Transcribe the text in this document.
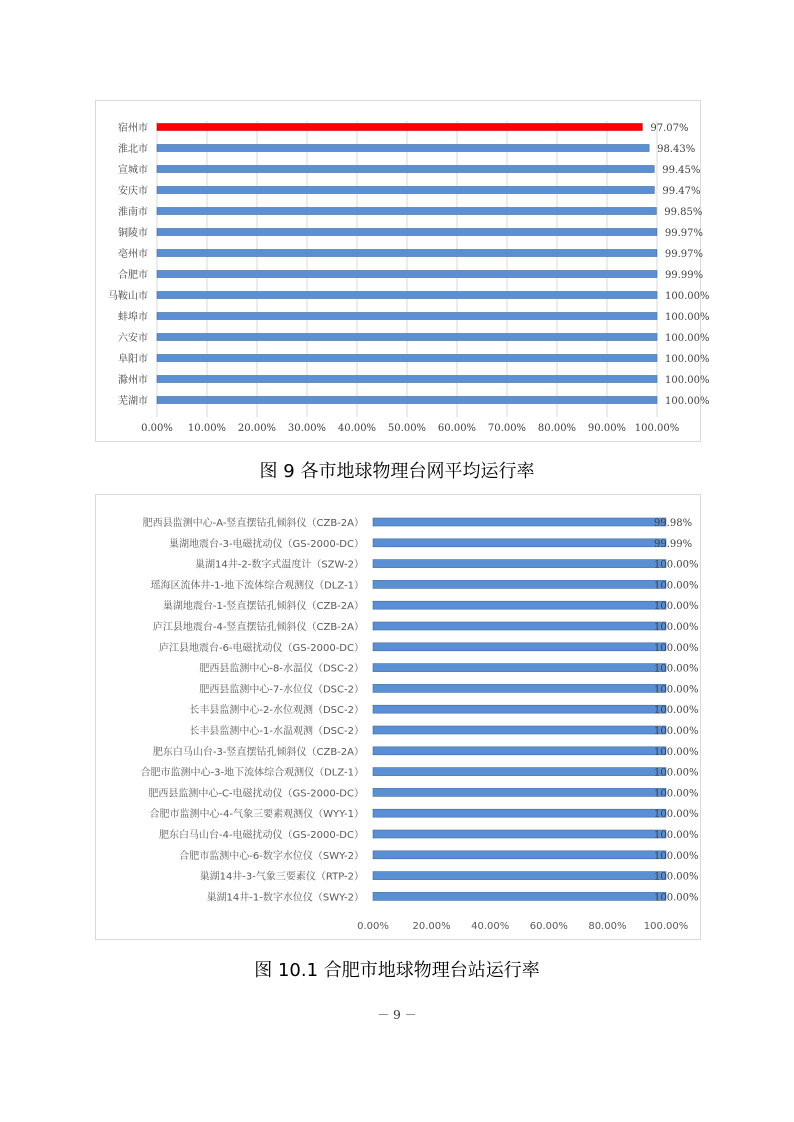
宿州市	97.07%
淮北市	98.43%
宣城市	99.45%
安庆市	99.47%
淮南市	99.85%
铜陵市	99.97%
亳州市	99.97%
合肥市	99.99%
马鞍山市	100.00%
蚌埠市	100.00%
六安市	100.00%
阜阳市	100.00%
滁州市	100.00%
芜湖市	100.00%
0.00% 10.00% 20.00% 30.00% 40.00% 50.00% 60.00% 70.00% 80.00% 90.00% 100.00%
图 9 各市地球物理台网平均运行率
肥西县监测中心-A-竖直摆钻孔倾斜仪（CZB-2A）	99.98%
巢湖地震台-3-电磁扰动仪（GS-2000-DC）	99.99%
巢湖14井-2-数字式温度计（SZW-2）	100.00%
瑶海区流体井-1-地下流体综合观测仪（DLZ-1）	100.00%
巢湖地震台-1-竖直摆钻孔倾斜仪（CZB-2A）	100.00%
庐江县地震台-4-竖直摆钻孔倾斜仪（CZB-2A）	100.00%
庐江县地震台-6-电磁扰动仪（GS-2000-DC）	100.00%
肥西县监测中心-8-水温仪（DSC-2）	100.00%
肥西县监测中心-7-水位仪（DSC-2）	100.00%
长丰县监测中心-2-水位观测（DSC-2）	100.00%
长丰县监测中心-1-水温观测（DSC-2）	100.00%
肥东白马山台-3-竖直摆钻孔倾斜仪（CZB-2A）	100.00%
合肥市监测中心-3-地下流体综合观测仪（DLZ-1）	100.00%
肥西县监测中心-C-电磁扰动仪（GS-2000-DC）	100.00%
合肥市监测中心-4-气象三要素观测仪（WYY-1）	100.00%
肥东白马山台-4-电磁扰动仪（GS-2000-DC）	100.00%
合肥市监测中心-6-数字水位仪（SWY-2）	100.00%
巢湖14井-3-气象三要素仪（RTP-2）	100.00%
巢湖14井-1-数字水位仪（SWY-2）	100.00%
0.00% 20.00% 40.00% 60.00% 80.00% 100.00%
图 10.1 合肥市地球物理台站运行率
－ 9 －
